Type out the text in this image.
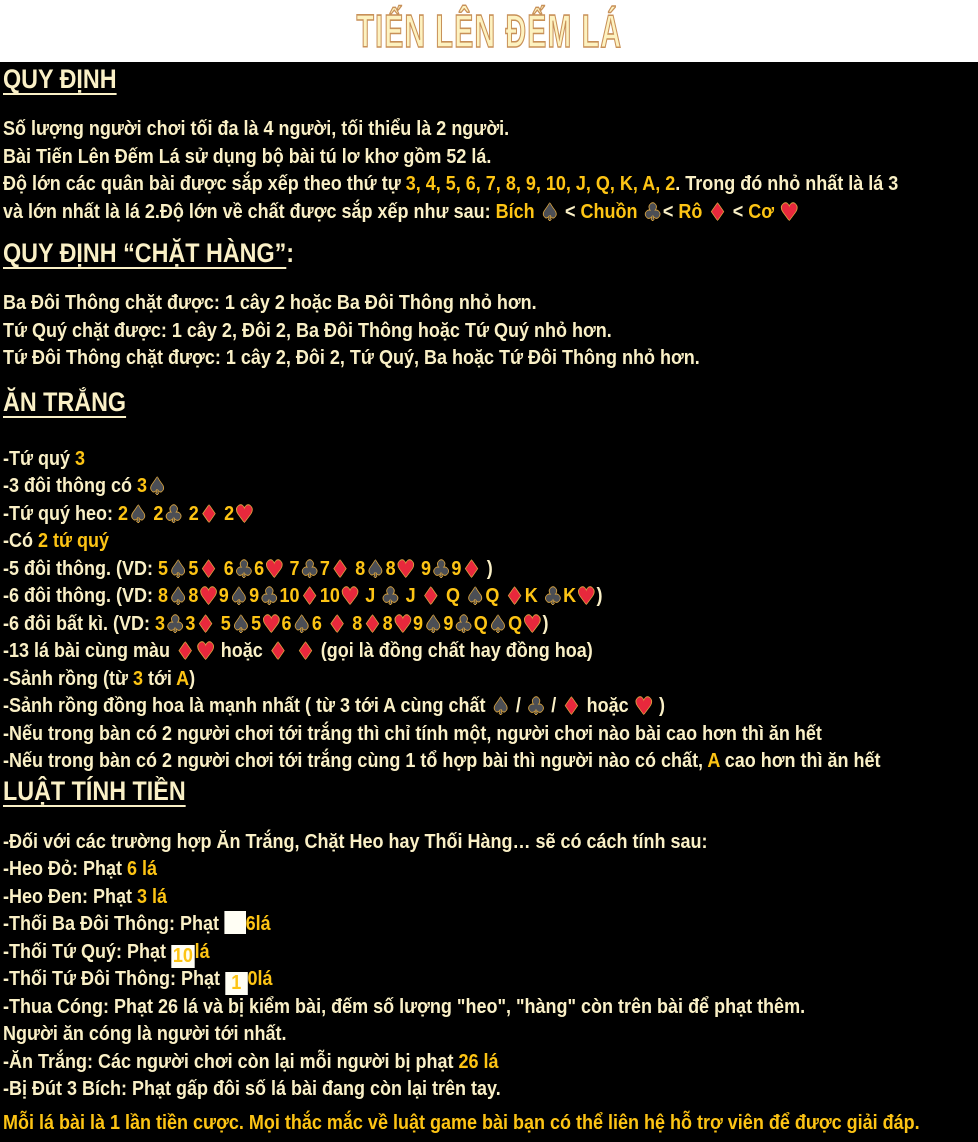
TIẾN LÊN ĐẾM LÁ
QUY ĐỊNH
Số lượng người chơi tối đa là 4 người, tối thiểu là 2 người.
Bài Tiến Lên Đếm Lá sử dụng bộ bài tú lơ khơ gồm 52 lá.
Độ lớn các quân bài được sắp xếp theo thứ tự 3, 4, 5, 6, 7, 8, 9, 10, J, Q, K, A, 2. Trong đó nhỏ nhất là lá 3
và lớn nhất là lá 2.Độ lớn về chất được sắp xếp như sau: Bích ♠ < Chuồn ♣< Rô ♦ < Cơ ♥
QUY ĐỊNH “CHẶT HÀNG”:
Ba Đôi Thông chặt được: 1 cây 2 hoặc Ba Đôi Thông nhỏ hơn.
Tứ Quý chặt được: 1 cây 2, Đôi 2, Ba Đôi Thông hoặc Tứ Quý nhỏ hơn.
Tứ Đôi Thông chặt được: 1 cây 2, Đôi 2, Tứ Quý, Ba hoặc Tứ Đôi Thông nhỏ hơn.
ĂN TRẮNG
-Tứ quý 3
-3 đôi thông có 3♠
-Tứ quý heo: 2♠ 2♣ 2♦ 2♥
-Có 2 tứ quý
-5 đôi thông. (VD: 5♠5♦ 6♣6♥ 7♣7♦ 8♠8♥ 9♣9♦ )
-6 đôi thông. (VD: 8♠8♥9♠9♣10♦10♥ J ♣ J ♦ Q ♠Q ♦K ♣K♥)
-6 đôi bất kì. (VD: 3♣3♦ 5♠5♥6♠6 ♦ 8♦8♥9♠9♣Q♠Q♥)
-13 lá bài cùng màu ♦♥ hoặc ♦ ♦ (gọi là đồng chất hay đồng hoa)
-Sảnh rồng (từ 3 tới A)
-Sảnh rồng đồng hoa là mạnh nhất ( từ 3 tới A cùng chất ♠ / ♣ / ♦ hoặc ♥ )
-Nếu trong bàn có 2 người chơi tới trắng thì chỉ tính một, người chơi nào bài cao hơn thì ăn hết
-Nếu trong bàn có 2 người chơi tới trắng cùng 1 tổ hợp bài thì người nào có chất, A cao hơn thì ăn hết
LUẬT TÍNH TIỀN
-Đối với các trường hợp Ăn Trắng, Chặt Heo hay Thối Hàng… sẽ có cách tính sau:
-Heo Đỏ: Phạt 6 lá
-Heo Đen: Phạt 3 lá
-Thối Ba Đôi Thông: Phạt 6lá
-Thối Tứ Quý: Phạt 10lá
-Thối Tứ Đôi Thông: Phạt 1 0lá
-Thua Cóng: Phạt 26 lá và bị kiểm bài, đếm số lượng "heo", "hàng" còn trên bài để phạt thêm.
Người ăn cóng là người tới nhất.
-Ăn Trắng: Các người chơi còn lại mỗi người bị phạt 26 lá
-Bị Đút 3 Bích: Phạt gấp đôi số lá bài đang còn lại trên tay.
Mỗi lá bài là 1 lần tiền cược. Mọi thắc mắc về luật game bài bạn có thể liên hệ hỗ trợ viên để được giải đáp.
